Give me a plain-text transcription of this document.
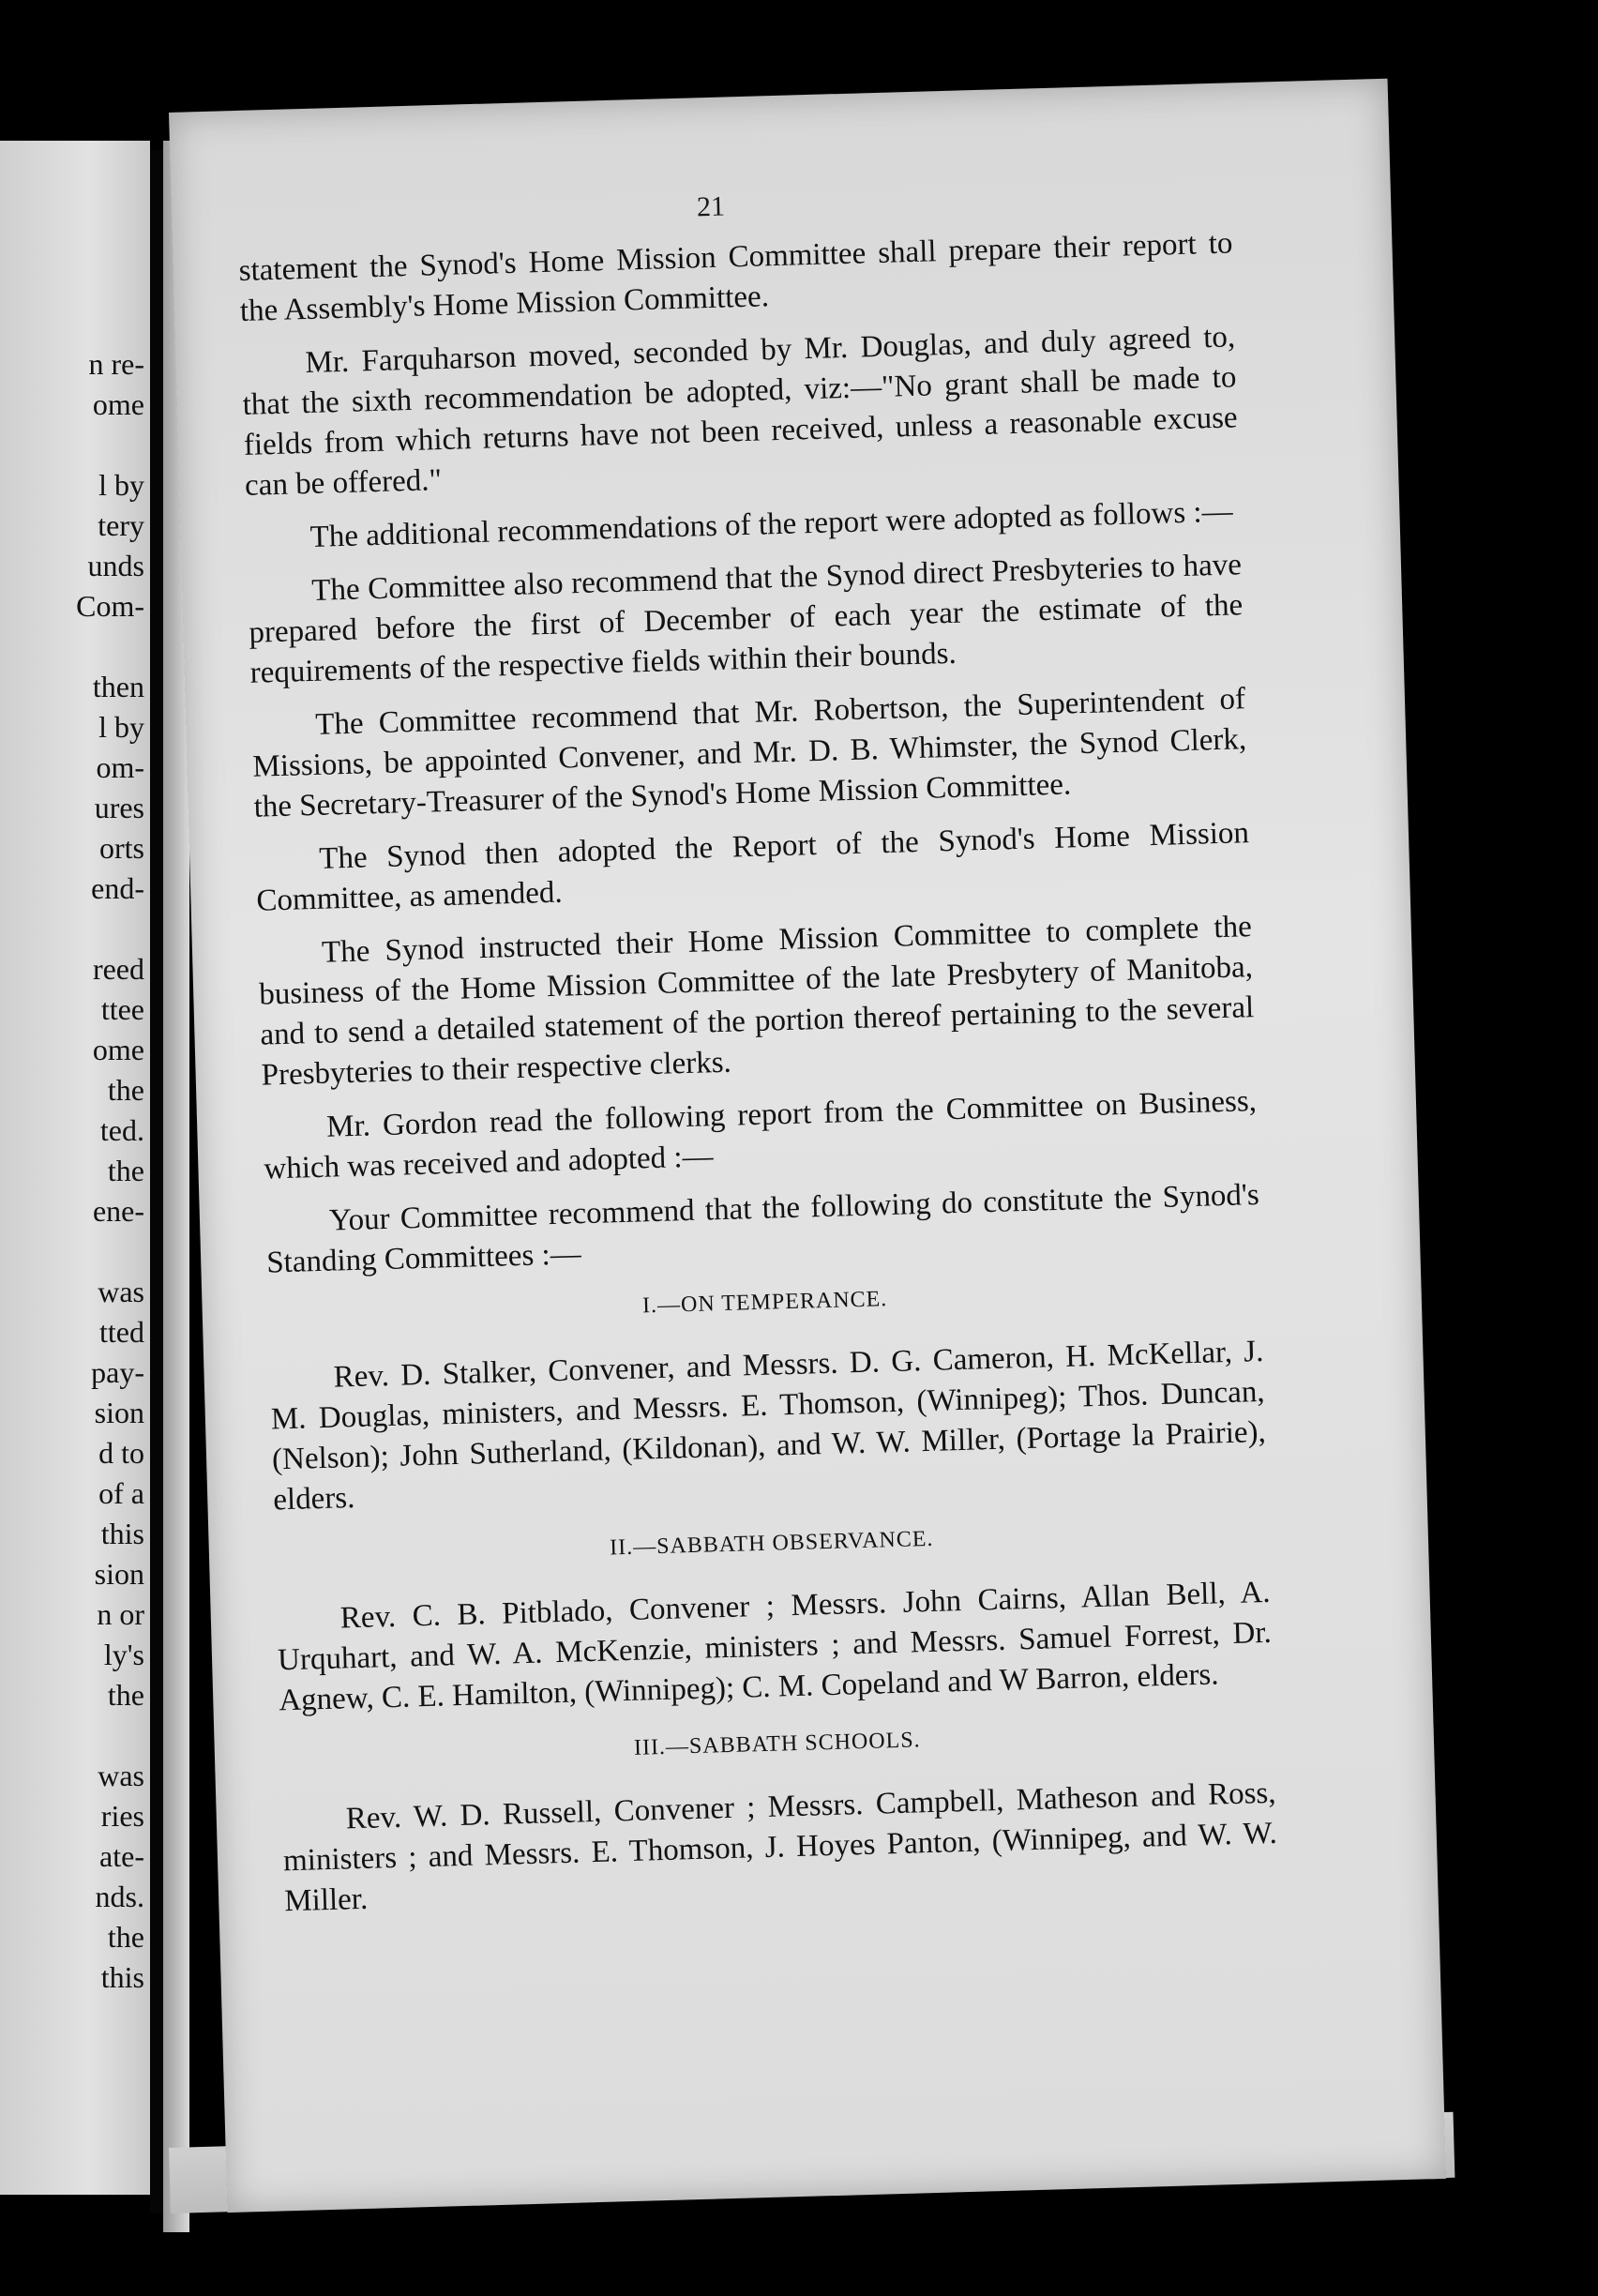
n re-
ome
l by
tery
unds
Com-
then
l by
om-
ures
orts
end-
reed
ttee
ome
the
ted.
the
ene-
was
tted
pay-
sion
d to
of a
this
sion
n or
ly's
the
was
ries
ate-
nds.
the
this
21

statement the Synod's Home Mission Committee shall prepare their report to the Assembly's Home Mission Committee.

Mr. Farquharson moved, seconded by Mr. Douglas, and duly agreed to, that the sixth recommendation be adopted, viz:—"No grant shall be made to fields from which returns have not been received, unless a reasonable excuse can be offered."

The additional recommendations of the report were adopted as follows :—

The Committee also recommend that the Synod direct Presbyteries to have prepared before the first of December of each year the estimate of the requirements of the respective fields within their bounds.

The Committee recommend that Mr. Robertson, the Superintendent of Missions, be appointed Convener, and Mr. D. B. Whimster, the Synod Clerk, the Secretary-Treasurer of the Synod's Home Mission Committee.

The Synod then adopted the Report of the Synod's Home Mission Committee, as amended.

The Synod instructed their Home Mission Committee to complete the business of the Home Mission Committee of the late Presbytery of Manitoba, and to send a detailed statement of the portion thereof pertaining to the several Presbyteries to their respective clerks.

Mr. Gordon read the following report from the Committee on Business, which was received and adopted :—

Your Committee recommend that the following do constitute the Synod's Standing Committees :—

I.—ON TEMPERANCE.

Rev. D. Stalker, Convener, and Messrs. D. G. Cameron, H. McKellar, J. M. Douglas, ministers, and Messrs. E. Thomson, (Winnipeg); Thos. Duncan, (Nelson); John Sutherland, (Kildonan), and W. W. Miller, (Portage la Prairie), elders.

II.—SABBATH OBSERVANCE.

Rev. C. B. Pitblado, Convener ; Messrs. John Cairns, Allan Bell, A. Urquhart, and W. A. McKenzie, ministers ; and Messrs. Samuel Forrest, Dr. Agnew, C. E. Hamilton, (Winnipeg); C. M. Copeland and W Barron, elders.

III.—SABBATH SCHOOLS.

Rev. W. D. Russell, Convener ; Messrs. Campbell, Matheson and Ross, ministers ; and Messrs. E. Thomson, J. Hoyes Panton, (Winnipeg, and W. W. Miller.
